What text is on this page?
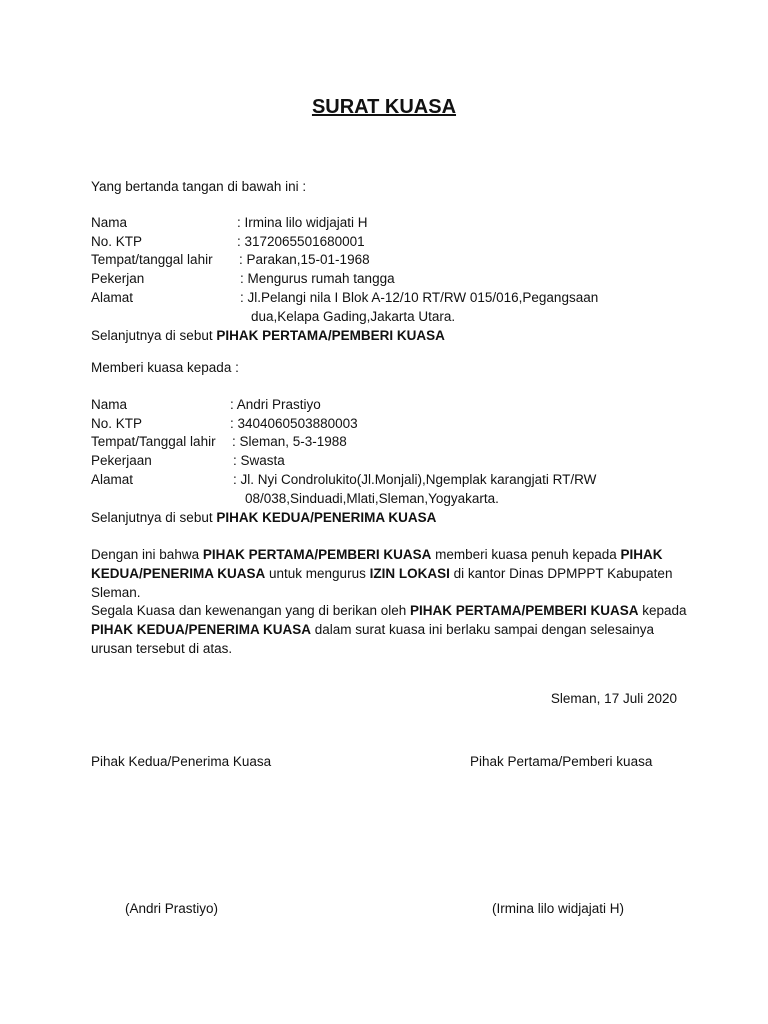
SURAT KUASA
Yang bertanda tangan di bawah ini :
Nama	: Irmina lilo widjajati H
No. KTP	: 3172065501680001
Tempat/tanggal lahir : Parakan,15-01-1968
Pekerjan	: Mengurus rumah tangga
Alamat	: Jl.Pelangi nila I Blok A-12/10 RT/RW 015/016,Pegangsaan
dua,Kelapa Gading,Jakarta Utara.
Selanjutnya di sebut PIHAK PERTAMA/PEMBERI KUASA
Memberi kuasa kepada :
Nama	: Andri Prastiyo
No. KTP	: 3404060503880003
Tempat/Tanggal lahir : Sleman, 5-3-1988
Pekerjaan	: Swasta
Alamat	: Jl. Nyi Condrolukito(Jl.Monjali),Ngemplak karangjati RT/RW
08/038,Sinduadi,Mlati,Sleman,Yogyakarta.
Selanjutnya di sebut PIHAK KEDUA/PENERIMA KUASA
Dengan ini bahwa PIHAK PERTAMA/PEMBERI KUASA memberi kuasa penuh kepada PIHAK KEDUA/PENERIMA KUASA untuk mengurus IZIN LOKASI di kantor Dinas DPMPPT Kabupaten Sleman.
Segala Kuasa dan kewenangan yang di berikan oleh PIHAK PERTAMA/PEMBERI KUASA kepada PIHAK KEDUA/PENERIMA KUASA dalam surat kuasa ini berlaku sampai dengan selesainya urusan tersebut di atas.
Sleman, 17 Juli 2020
Pihak Kedua/Penerima Kuasa	Pihak Pertama/Pemberi kuasa
(Andri Prastiyo)	(Irmina lilo widjajati H)
